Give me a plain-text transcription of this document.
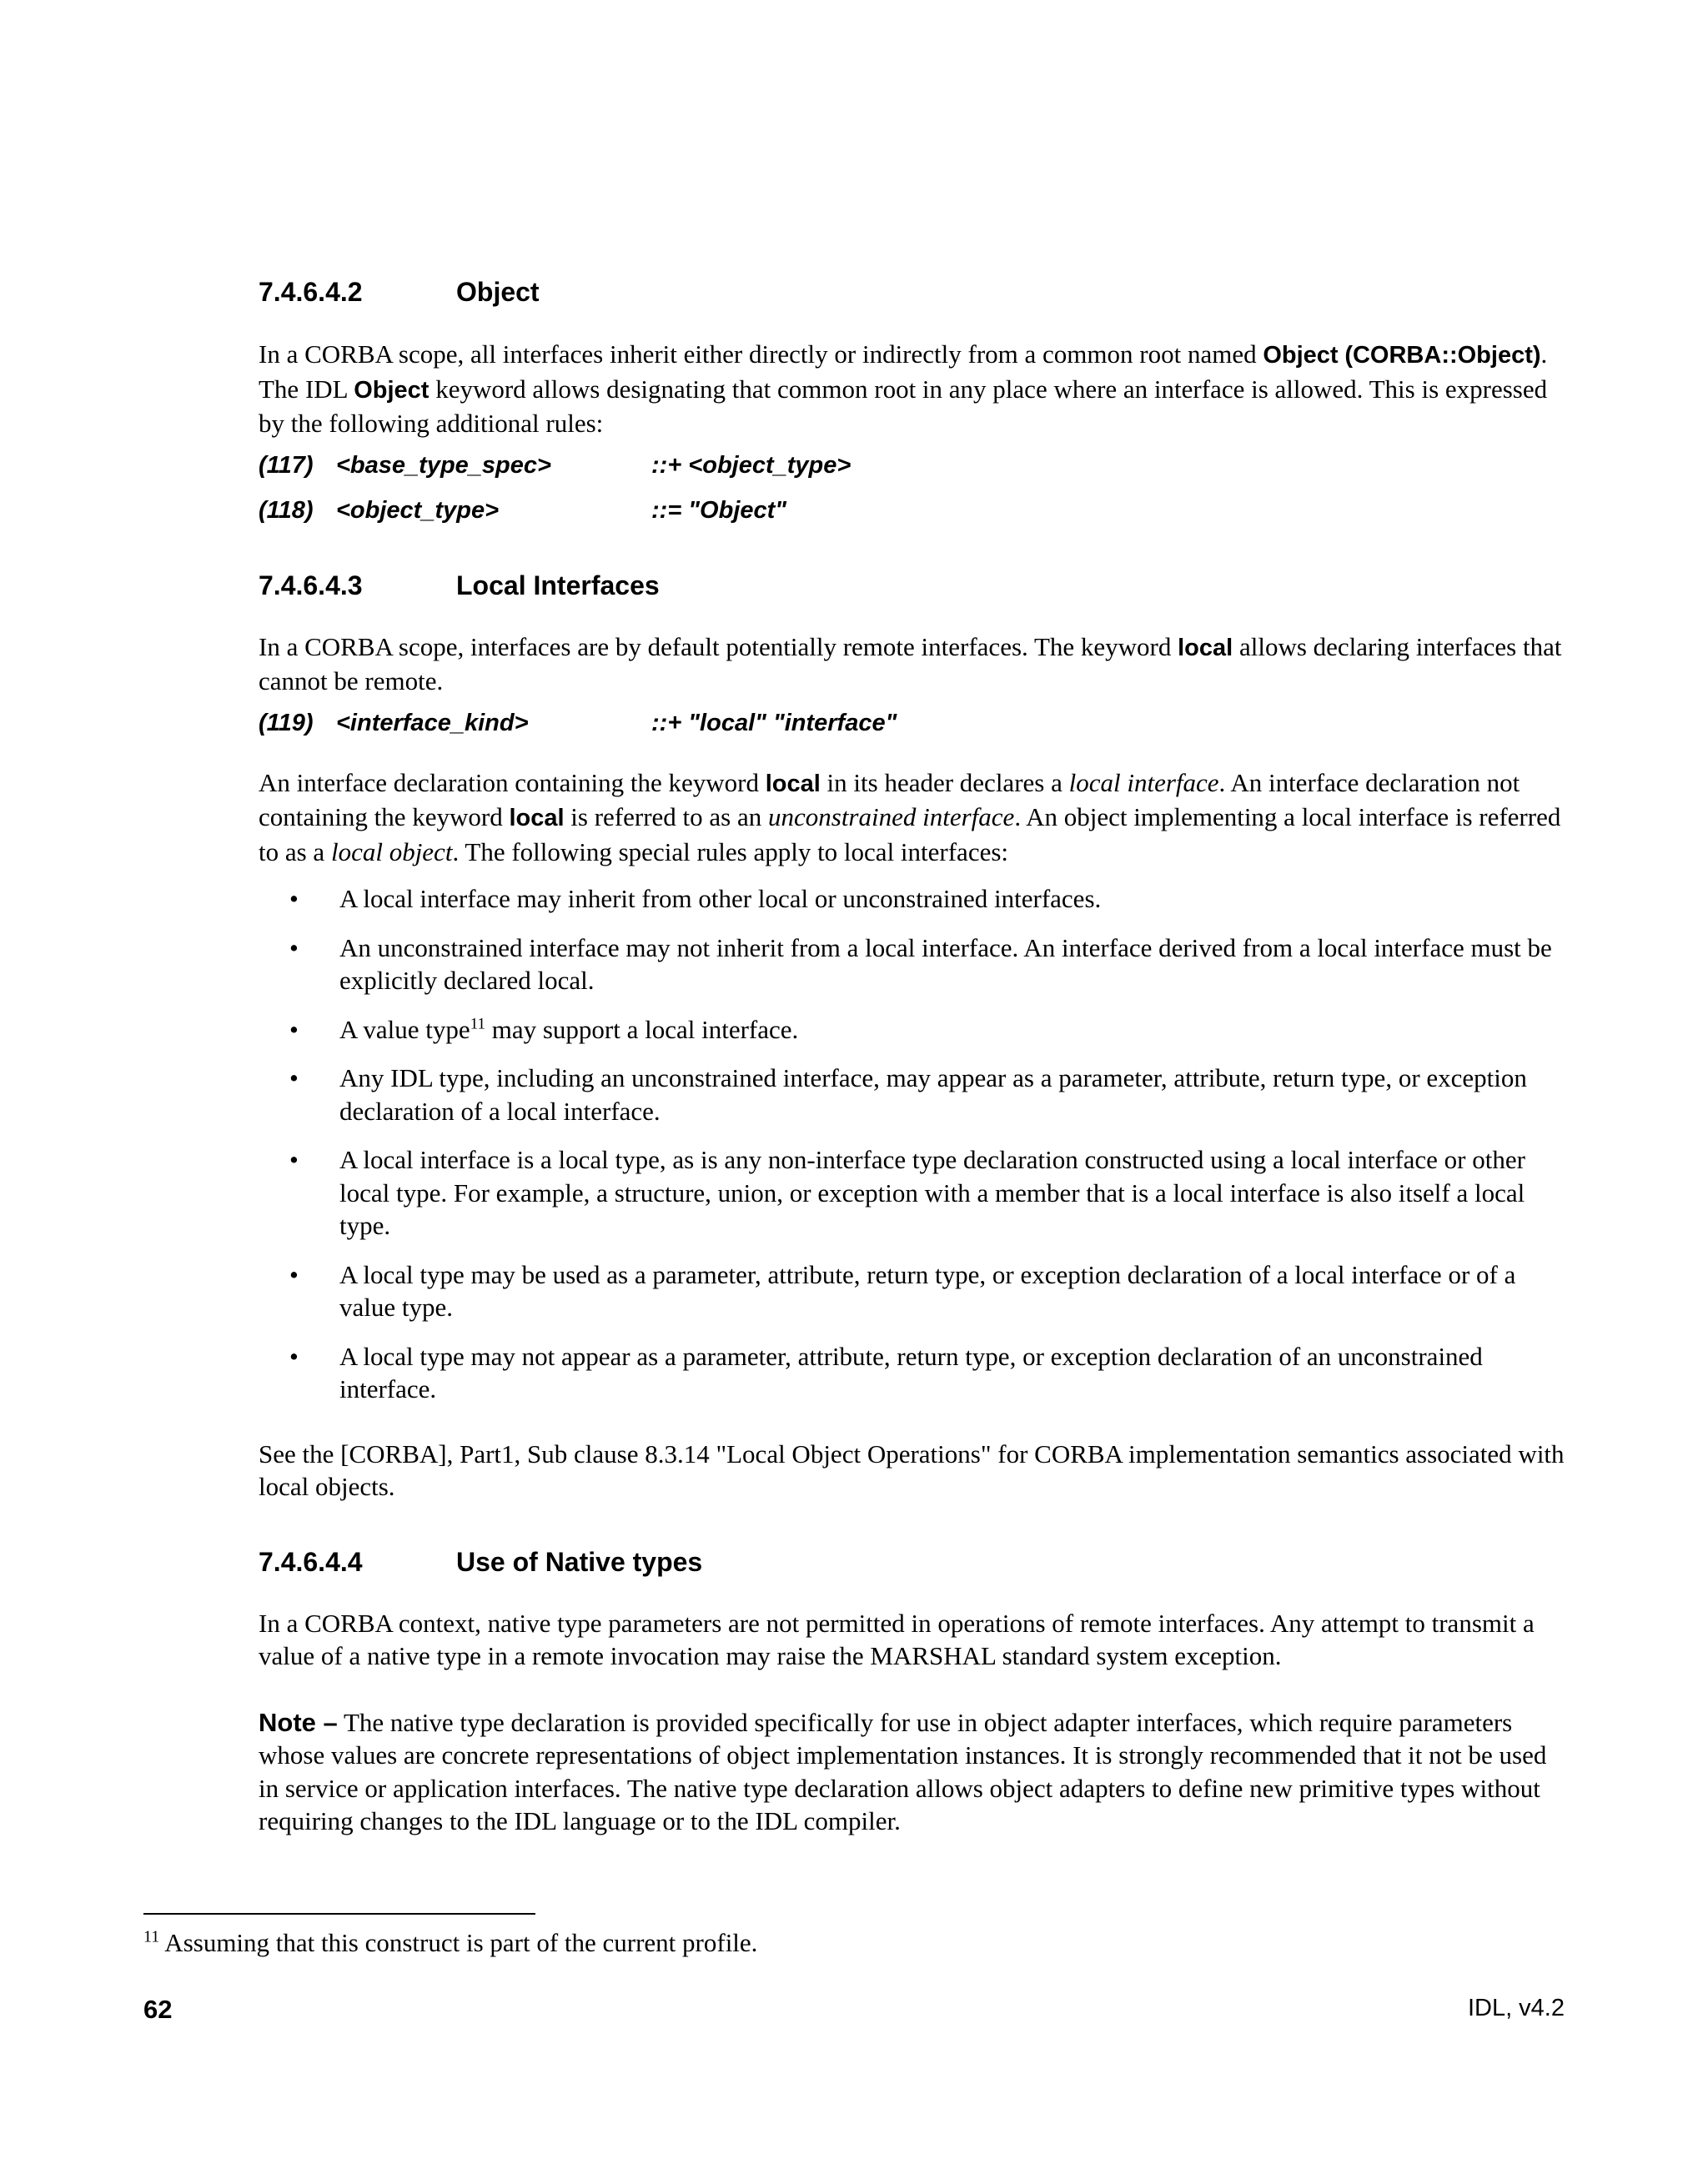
7.4.6.4.2	Object

In a CORBA scope, all interfaces inherit either directly or indirectly from a common root named Object (CORBA::Object). The IDL Object keyword allows designating that common root in any place where an interface is allowed. This is expressed by the following additional rules:

(117) <base_type_spec>	::+ <object_type>
(118) <object_type>	::= "Object"
7.4.6.4.3	Local Interfaces

In a CORBA scope, interfaces are by default potentially remote interfaces. The keyword local allows declaring interfaces that cannot be remote.

(119) <interface_kind>	::+ "local" "interface"

An interface declaration containing the keyword local in its header declares a local interface. An interface declaration not containing the keyword local is referred to as an unconstrained interface. An object implementing a local interface is referred to as a local object. The following special rules apply to local interfaces:

• A local interface may inherit from other local or unconstrained interfaces.
• An unconstrained interface may not inherit from a local interface. An interface derived from a local interface must be explicitly declared local.
• A value type$^{11}$ may support a local interface.
• Any IDL type, including an unconstrained interface, may appear as a parameter, attribute, return type, or exception declaration of a local interface.
• A local interface is a local type, as is any non-interface type declaration constructed using a local interface or other local type. For example, a structure, union, or exception with a member that is a local interface is also itself a local type.
• A local type may be used as a parameter, attribute, return type, or exception declaration of a local interface or of a value type.
• A local type may not appear as a parameter, attribute, return type, or exception declaration of an unconstrained interface.

See the [CORBA], Part1, Sub clause 8.3.14 "Local Object Operations" for CORBA implementation semantics associated with local objects.

7.4.6.4.4	Use of Native types

In a CORBA context, native type parameters are not permitted in operations of remote interfaces. Any attempt to transmit a value of a native type in a remote invocation may raise the MARSHAL standard system exception.

Note – The native type declaration is provided specifically for use in object adapter interfaces, which require parameters whose values are concrete representations of object implementation instances. It is strongly recommended that it not be used in service or application interfaces. The native type declaration allows object adapters to define new primitive types without requiring changes to the IDL language or to the IDL compiler.

$^{11}$ Assuming that this construct is part of the current profile.
62	IDL, v4.2
